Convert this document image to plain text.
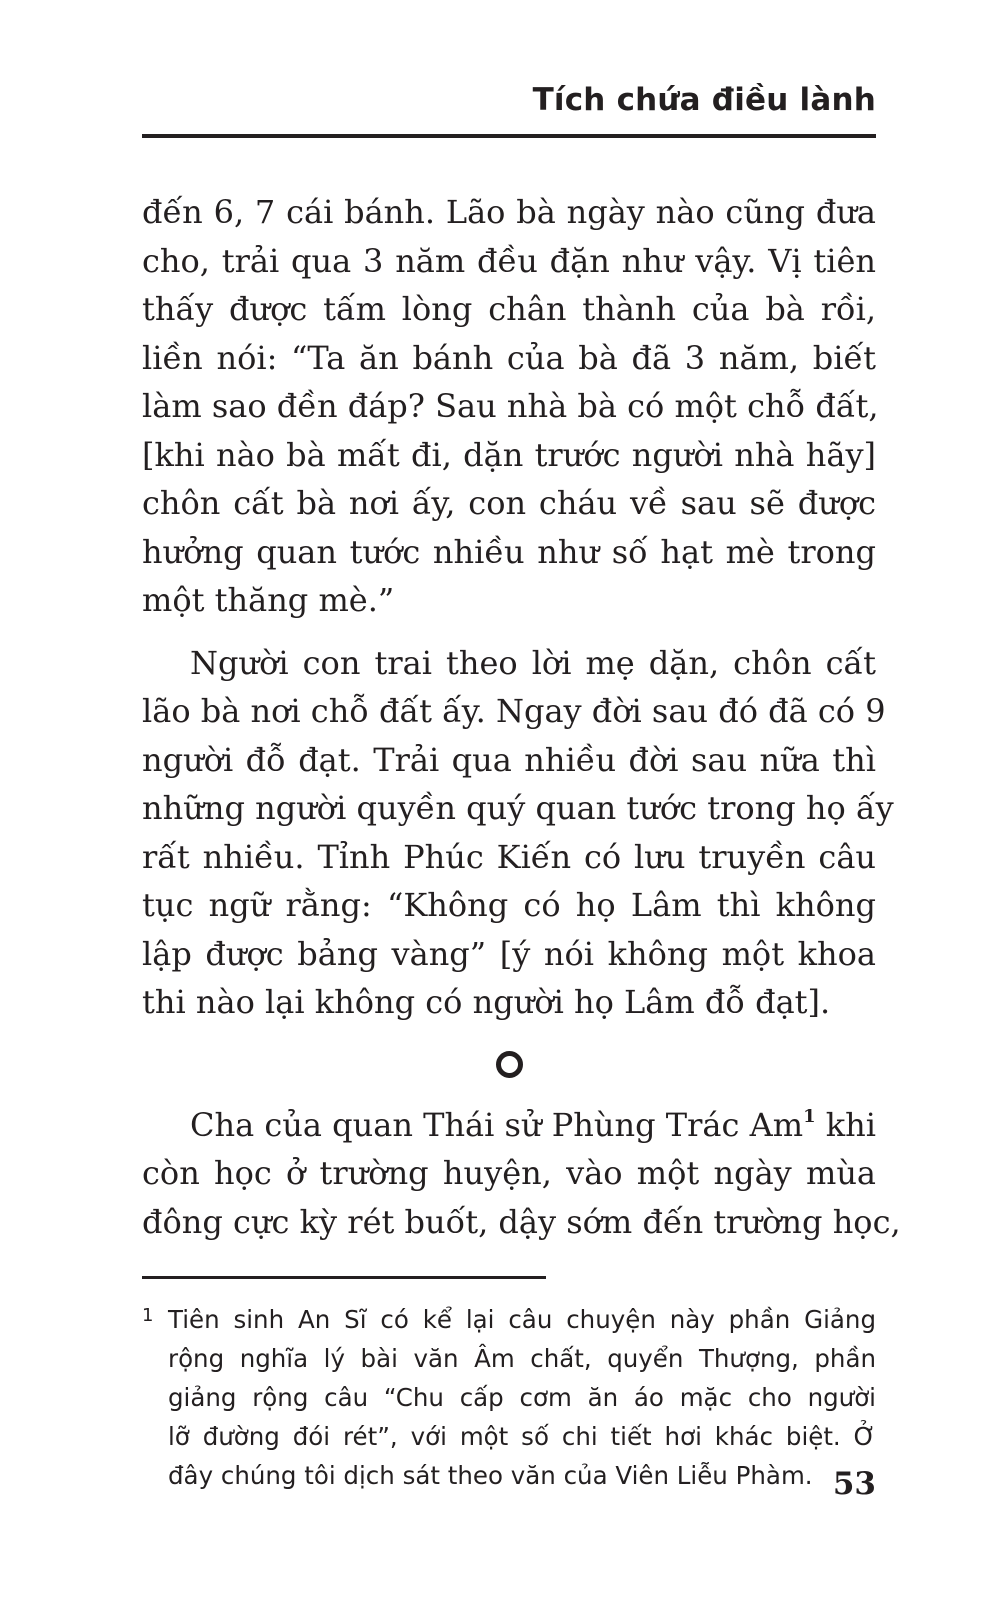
Tích chứa điều lành
đến 6, 7 cái bánh. Lão bà ngày nào cũng đưa
cho, trải qua 3 năm đều đặn như vậy. Vị tiên
thấy được tấm lòng chân thành của bà rồi,
liền nói: “Ta ăn bánh của bà đã 3 năm, biết
làm sao đền đáp? Sau nhà bà có một chỗ đất,
[khi nào bà mất đi, dặn trước người nhà hãy]
chôn cất bà nơi ấy, con cháu về sau sẽ được
hưởng quan tước nhiều như số hạt mè trong
một thăng mè.”
Người con trai theo lời mẹ dặn, chôn cất
lão bà nơi chỗ đất ấy. Ngay đời sau đó đã có 9
người đỗ đạt. Trải qua nhiều đời sau nữa thì
những người quyền quý quan tước trong họ ấy
rất nhiều. Tỉnh Phúc Kiến có lưu truyền câu
tục ngữ rằng: “Không có họ Lâm thì không
lập được bảng vàng” [ý nói không một khoa
thi nào lại không có người họ Lâm đỗ đạt].
Cha của quan Thái sử Phùng Trác Am$^1$ khi
còn học ở trường huyện, vào một ngày mùa
đông cực kỳ rét buốt, dậy sớm đến trường học,
1 Tiên sinh An Sĩ có kể lại câu chuyện này phần Giảng
rộng nghĩa lý bài văn Âm chất, quyển Thượng, phần
giảng rộng câu “Chu cấp cơm ăn áo mặc cho người
lỡ đường đói rét”, với một số chi tiết hơi khác biệt. Ở
đây chúng tôi dịch sát theo văn của Viên Liễu Phàm. 53
